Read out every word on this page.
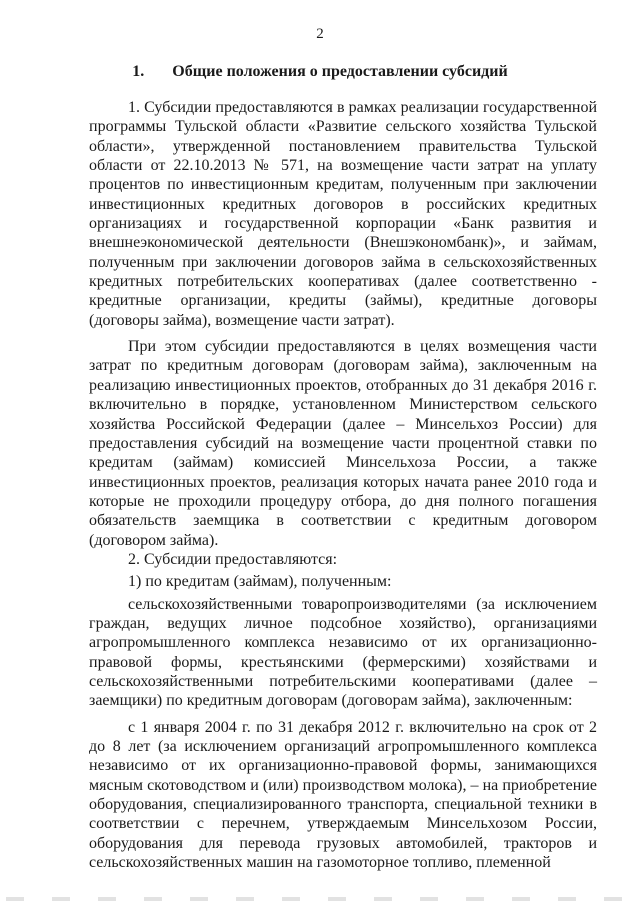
2
1. Общие положения о предоставлении субсидий

1. Субсидии предоставляются в рамках реализации государственной программы Тульской области «Развитие сельского хозяйства Тульской области», утвержденной постановлением правительства Тульской области от 22.10.2013 № 571, на возмещение части затрат на уплату процентов по инвестиционным кредитам, полученным при заключении инвестиционных кредитных договоров в российских кредитных организациях и государственной корпорации «Банк развития и внешнеэкономической деятельности (Внешэкономбанк)», и займам, полученным при заключении договоров займа в сельскохозяйственных кредитных потребительских кооперативах (далее соответственно - кредитные организации, кредиты (займы), кредитные договоры (договоры займа), возмещение части затрат).

При этом субсидии предоставляются в целях возмещения части затрат по кредитным договорам (договорам займа), заключенным на реализацию инвестиционных проектов, отобранных до 31 декабря 2016 г. включительно в порядке, установленном Министерством сельского хозяйства Российской Федерации (далее – Минсельхоз России) для предоставления субсидий на возмещение части процентной ставки по кредитам (займам) комиссией Минсельхоза России, а также инвестиционных проектов, реализация которых начата ранее 2010 года и которые не проходили процедуру отбора, до дня полного погашения обязательств заемщика в соответствии с кредитным договором (договором займа).

2. Субсидии предоставляются:

1) по кредитам (займам), полученным:

сельскохозяйственными товаропроизводителями (за исключением граждан, ведущих личное подсобное хозяйство), организациями агропромышленного комплекса независимо от их организационно-правовой формы, крестьянскими (фермерскими) хозяйствами и сельскохозяйственными потребительскими кооперативами (далее – заемщики) по кредитным договорам (договорам займа), заключенным:

с 1 января 2004 г. по 31 декабря 2012 г. включительно на срок от 2 до 8 лет (за исключением организаций агропромышленного комплекса независимо от их организационно-правовой формы, занимающихся мясным скотоводством и (или) производством молока), – на приобретение оборудования, специализированного транспорта, специальной техники в соответствии с перечнем, утверждаемым Минсельхозом России, оборудования для перевода грузовых автомобилей, тракторов и сельскохозяйственных машин на газомоторное топливо, племенной
